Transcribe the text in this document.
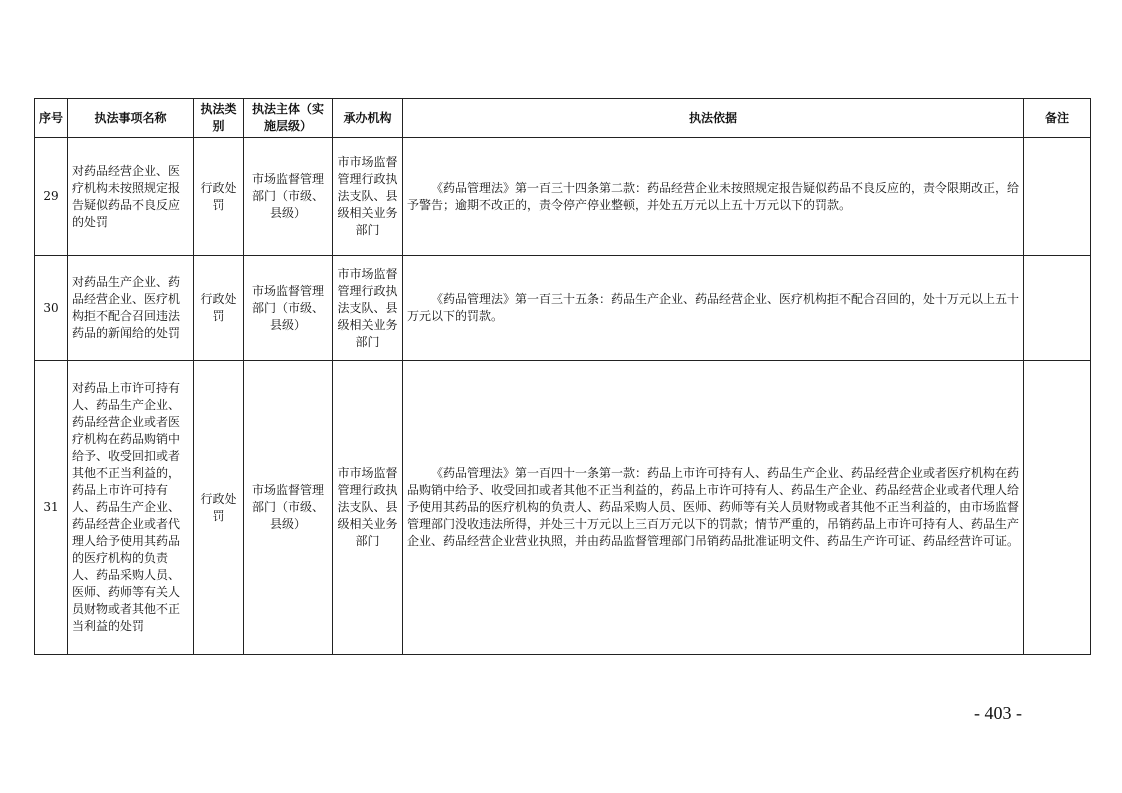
序号	执法事项名称	执法类别	执法主体（实施层级）	承办机构	执法依据	备注
29	对药品经营企业、医疗机构未按照规定报告疑似药品不良反应的处罚	行政处罚	市场监督管理部门（市级、县级）	市市场监督管理行政执法支队、县级相关业务部门	《药品管理法》第一百三十四条第二款：药品经营企业未按照规定报告疑似药品不良反应的，责令限期改正，给予警告；逾期不改正的，责令停产停业整顿，并处五万元以上五十万元以下的罚款。	

30	对药品生产企业、药品经营企业、医疗机构拒不配合召回违法药品的新闻给的处罚	行政处罚	市场监督管理部门（市级、县级）	市市场监督管理行政执法支队、县级相关业务部门	《药品管理法》第一百三十五条：药品生产企业、药品经营企业、医疗机构拒不配合召回的，处十万元以上五十万元以下的罚款。	

31	对药品上市许可持有人、药品生产企业、药品经营企业或者医疗机构在药品购销中给予、收受回扣或者其他不正当利益的，药品上市许可持有人、药品生产企业、药品经营企业或者代理人给予使用其药品的医疗机构的负责人、药品采购人员、医师、药师等有关人员财物或者其他不正当利益的处罚	行政处罚	市场监督管理部门（市级、县级）	市市场监督管理行政执法支队、县级相关业务部门	《药品管理法》第一百四十一条第一款：药品上市许可持有人、药品生产企业、药品经营企业或者医疗机构在药品购销中给予、收受回扣或者其他不正当利益的，药品上市许可持有人、药品生产企业、药品经营企业或者代理人给予使用其药品的医疗机构的负责人、药品采购人员、医师、药师等有关人员财物或者其他不正当利益的，由市场监督管理部门没收违法所得，并处三十万元以上三百万元以下的罚款；情节严重的，吊销药品上市许可持有人、药品生产企业、药品经营企业营业执照，并由药品监督管理部门吊销药品批准证明文件、药品生产许可证、药品经营许可证。	

- 403 -
